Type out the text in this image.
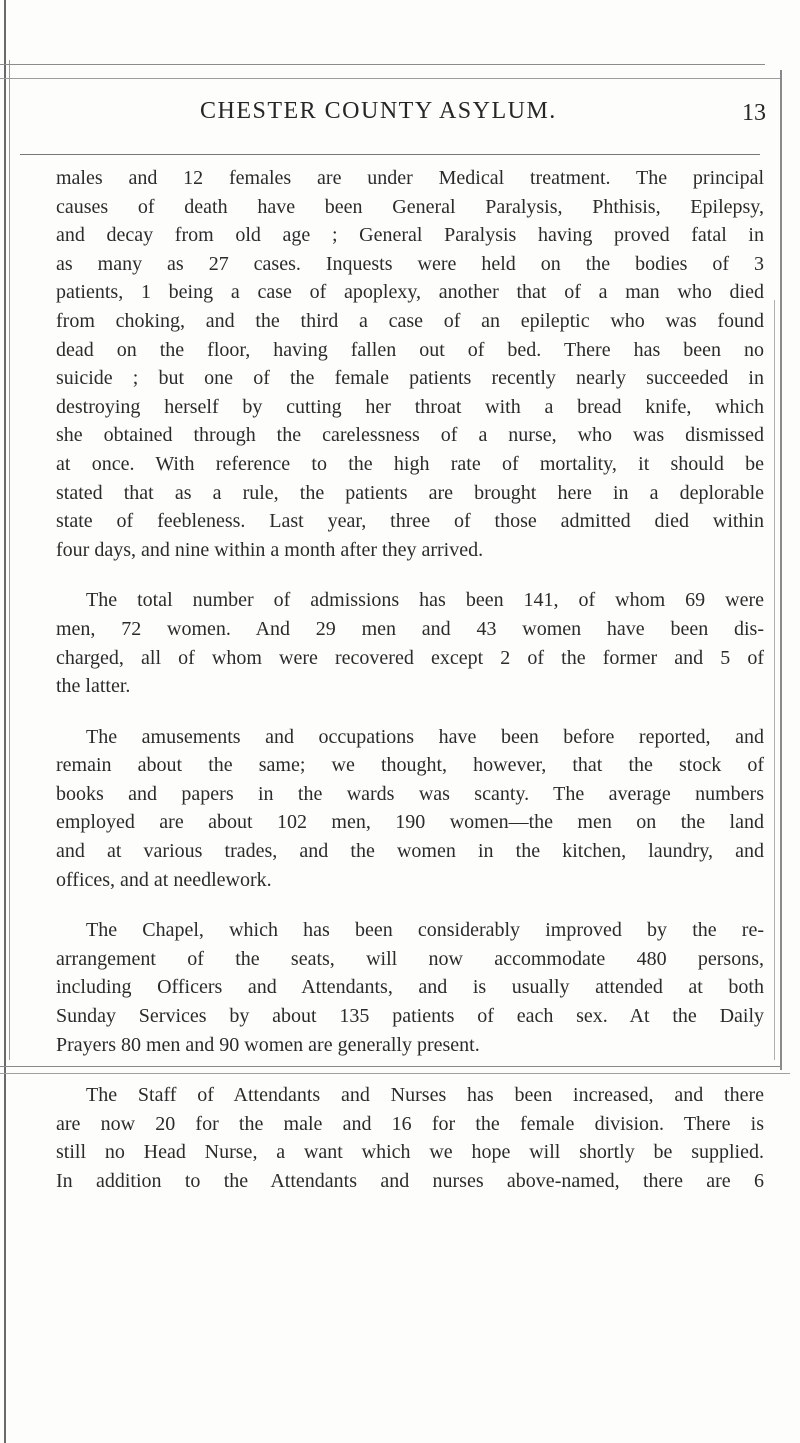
CHESTER COUNTY ASYLUM.	13
males and 12 females are under Medical treatment. The principal
causes of death have been General Paralysis, Phthisis, Epilepsy,
and decay from old age ; General Paralysis having proved fatal in
as many as 27 cases. Inquests were held on the bodies of 3
patients, 1 being a case of apoplexy, another that of a man who died
from choking, and the third a case of an epileptic who was found
dead on the floor, having fallen out of bed. There has been no
suicide ; but one of the female patients recently nearly succeeded in
destroying herself by cutting her throat with a bread knife, which
she obtained through the carelessness of a nurse, who was dismissed
at once. With reference to the high rate of mortality, it should be
stated that as a rule, the patients are brought here in a deplorable
state of feebleness. Last year, three of those admitted died within
four days, and nine within a month after they arrived.
The total number of admissions has been 141, of whom 69 were
men, 72 women. And 29 men and 43 women have been dis-
charged, all of whom were recovered except 2 of the former and 5 of
the latter.
The amusements and occupations have been before reported, and
remain about the same; we thought, however, that the stock of
books and papers in the wards was scanty. The average numbers
employed are about 102 men, 190 women—the men on the land
and at various trades, and the women in the kitchen, laundry, and
offices, and at needlework.
The Chapel, which has been considerably improved by the re-
arrangement of the seats, will now accommodate 480 persons,
including Officers and Attendants, and is usually attended at both
Sunday Services by about 135 patients of each sex. At the Daily
Prayers 80 men and 90 women are generally present.
The Staff of Attendants and Nurses has been increased, and there
are now 20 for the male and 16 for the female division. There is
still no Head Nurse, a want which we hope will shortly be supplied.
In addition to the Attendants and nurses above-named, there are 6
